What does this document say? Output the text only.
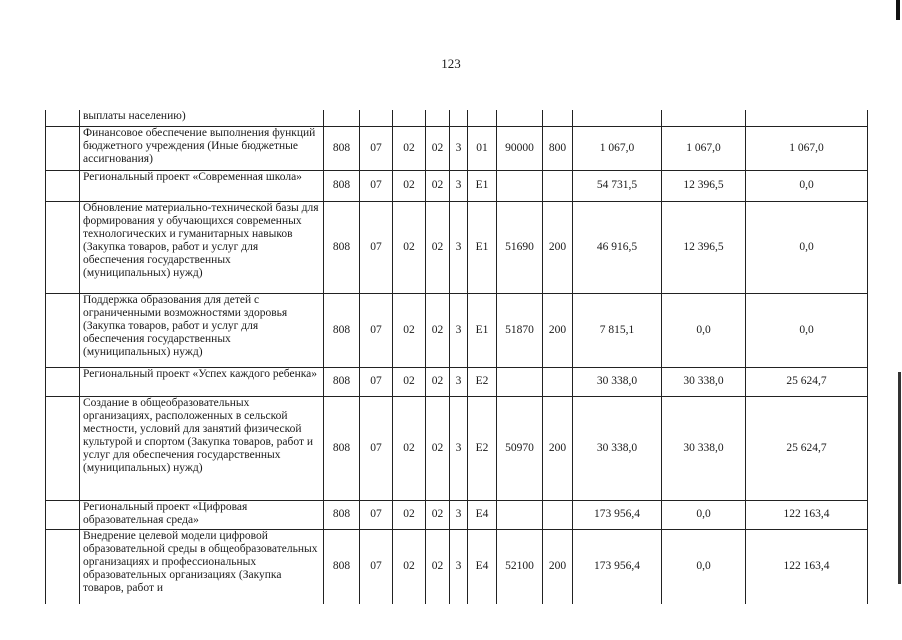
123
	выплаты населению)											
	Финансовое обеспечение выполнения функций бюджетного учреждения (Иные бюджетные ассигнования)	808	07	02	02	3	01	90000	800	1 067,0	1 067,0	1 067,0
	Региональный проект «Современная школа»	808	07	02	02	3	E1			54 731,5	12 396,5	0,0
	Обновление материально-технической базы для формирования у обучающихся современных технологических и гуманитарных навыков (Закупка товаров, работ и услуг для обеспечения государственных (муниципальных) нужд)	808	07	02	02	3	E1	51690	200	46 916,5	12 396,5	0,0
	Поддержка образования для детей с ограниченными возможностями здоровья (Закупка товаров, работ и услуг для обеспечения государственных (муниципальных) нужд)	808	07	02	02	3	E1	51870	200	7 815,1	0,0	0,0
	Региональный проект «Успех каждого ребенка»	808	07	02	02	3	E2			30 338,0	30 338,0	25 624,7
	Создание в общеобразовательных организациях, расположенных в сельской местности, условий для занятий физической культурой и спортом (Закупка товаров, работ и услуг для обеспечения государственных (муниципальных) нужд)	808	07	02	02	3	E2	50970	200	30 338,0	30 338,0	25 624,7
	Региональный проект «Цифровая образовательная среда»	808	07	02	02	3	E4			173 956,4	0,0	122 163,4
	Внедрение целевой модели цифровой образовательной среды в общеобразовательных организациях и профессиональных образовательных организациях (Закупка товаров, работ и	808	07	02	02	3	E4	52100	200	173 956,4	0,0	122 163,4
